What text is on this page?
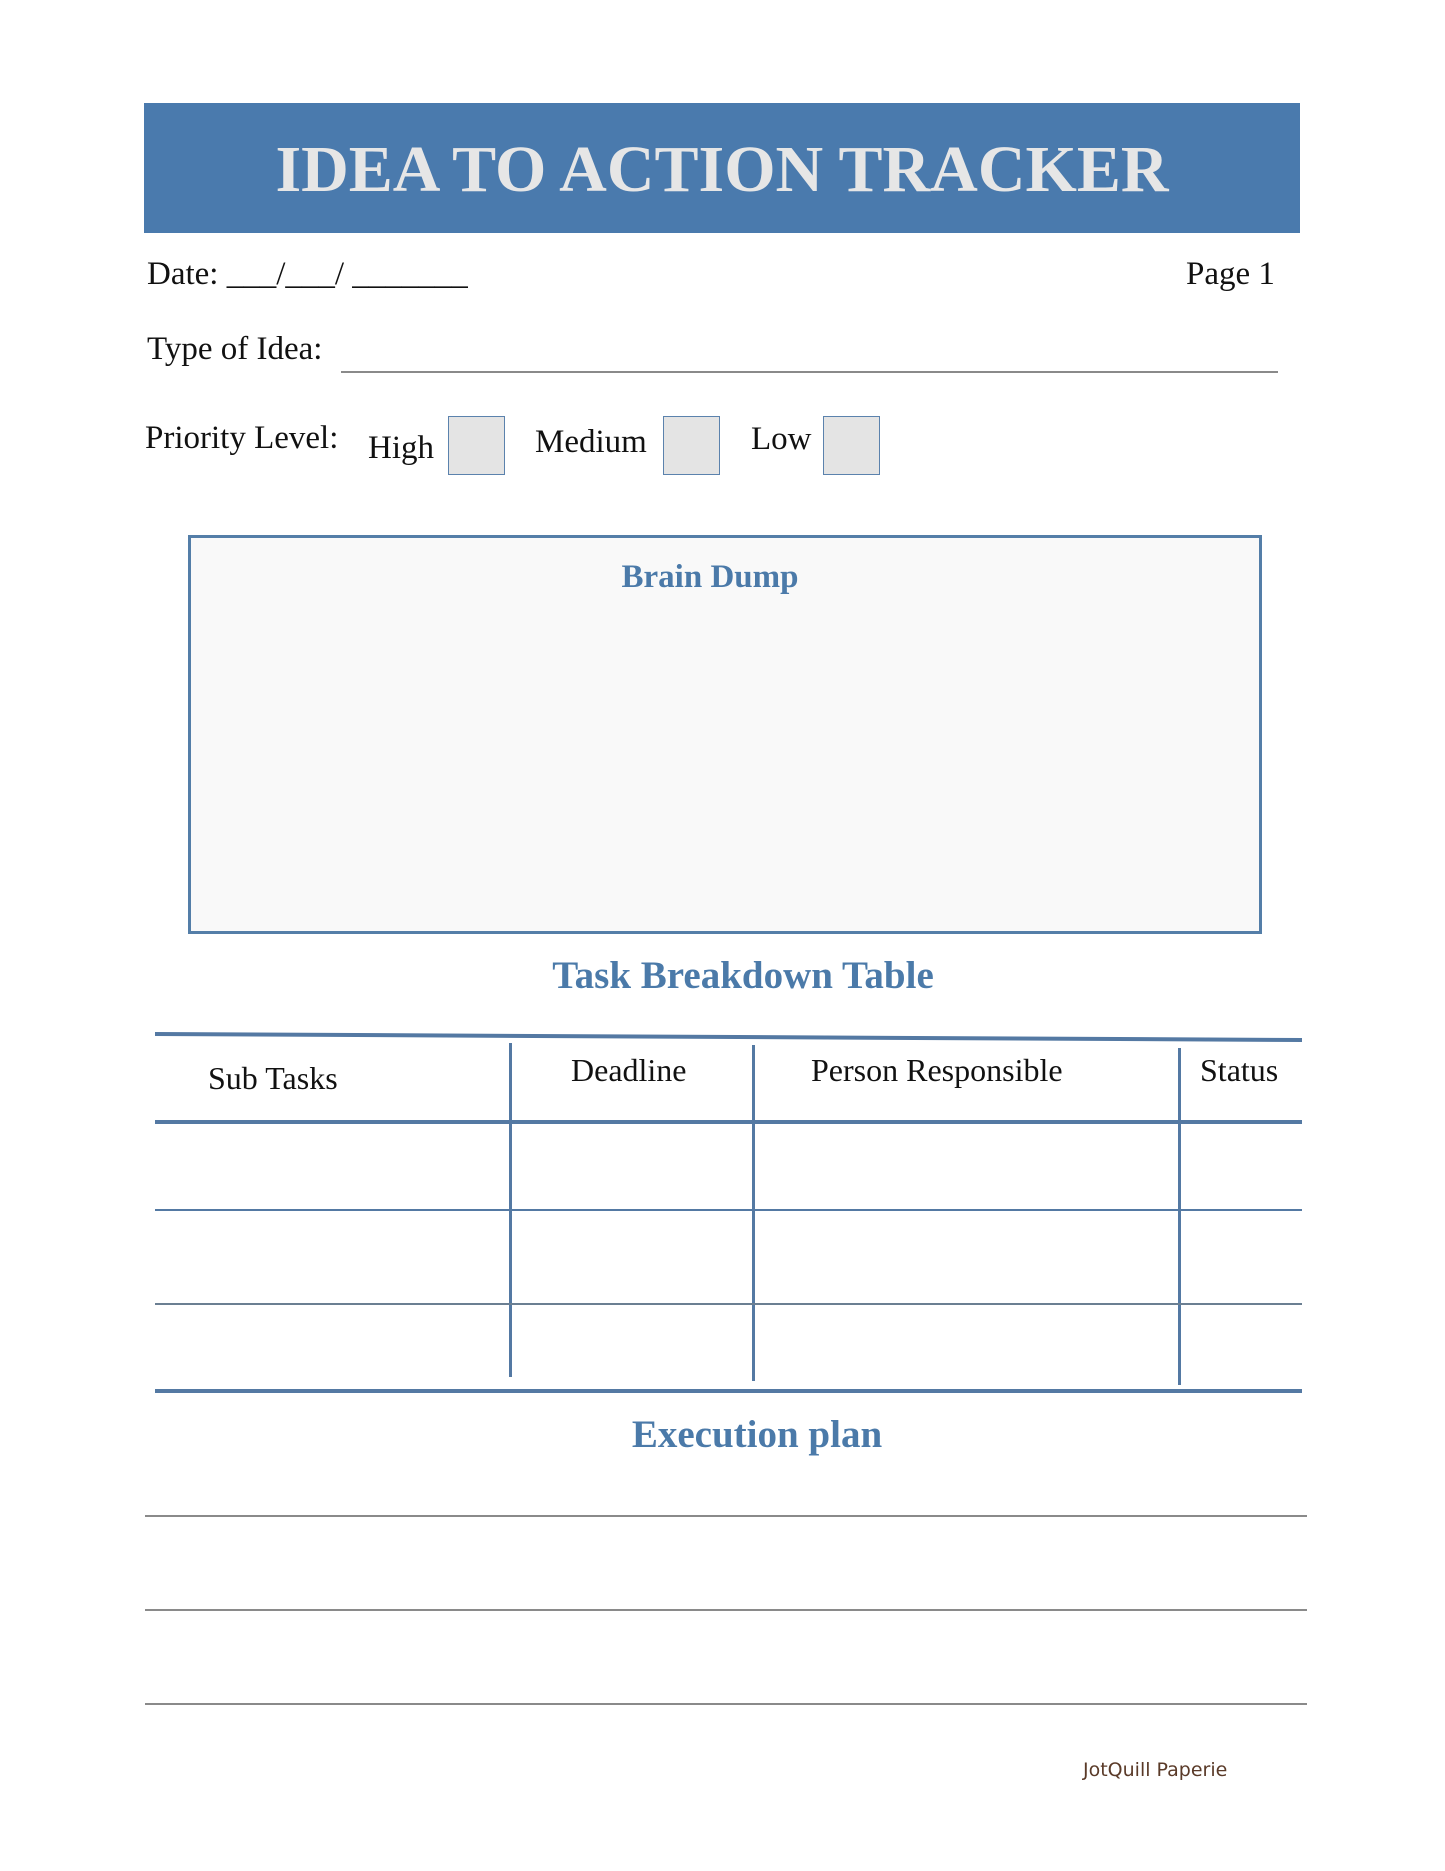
IDEA TO ACTION TRACKER
Date: ___/___/ _______	Page 1
Type of Idea:
Priority Level: High	Medium	Low
Brain Dump
Task Breakdown Table
Sub Tasks	Deadline	Person Responsible	Status
Execution plan
JotQuill Paperie
